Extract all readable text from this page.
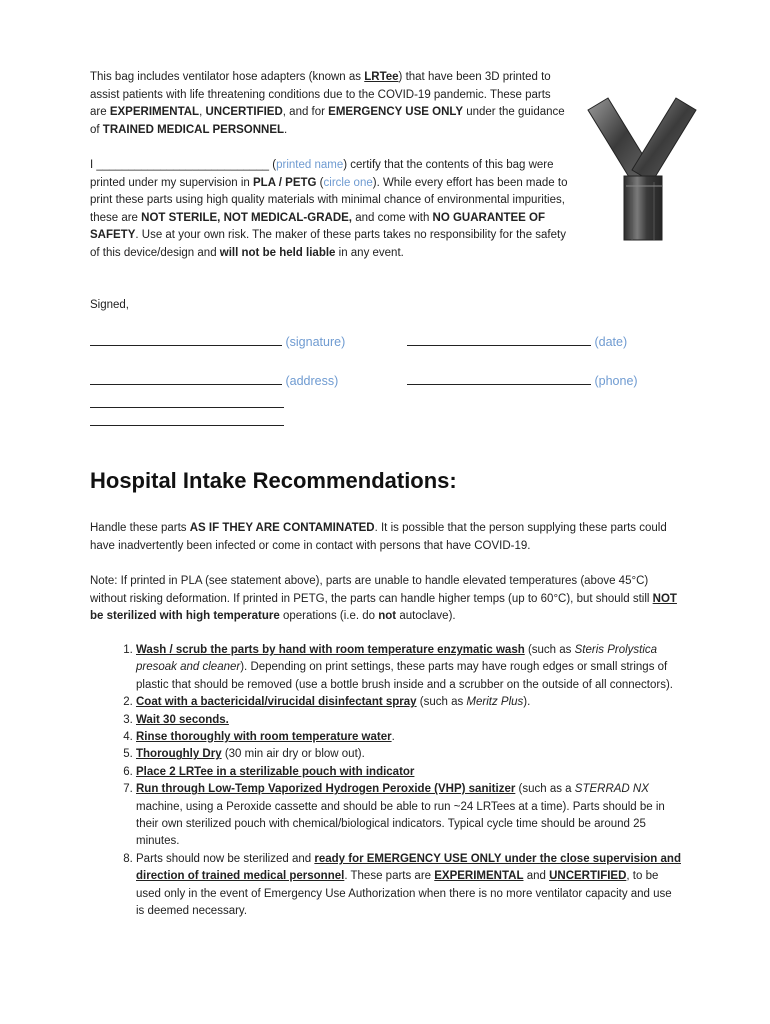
This bag includes ventilator hose adapters (known as LRTee) that have been 3D printed to assist patients with life threatening conditions due to the COVID-19 pandemic. These parts are EXPERIMENTAL, UNCERTIFIED, and for EMERGENCY USE ONLY under the guidance of TRAINED MEDICAL PERSONNEL.
I ___________________________ (printed name) certify that the contents of this bag were printed under my supervision in PLA / PETG (circle one). While every effort has been made to print these parts using high quality materials with minimal chance of environmental impurities, these are NOT STERILE, NOT MEDICAL-GRADE, and come with NO GUARANTEE OF SAFETY. Use at your own risk. The maker of these parts takes no responsibility for the safety of this device/design and will not be held liable in any event.
Signed,
(signature)	(date)
(address)	(phone)
Hospital Intake Recommendations:
Handle these parts AS IF THEY ARE CONTAMINATED. It is possible that the person supplying these parts could have inadvertently been infected or come in contact with persons that have COVID-19.
Note: If printed in PLA (see statement above), parts are unable to handle elevated temperatures (above 45°C) without risking deformation. If printed in PETG, the parts can handle higher temps (up to 60°C), but should still NOT be sterilized with high temperature operations (i.e. do not autoclave).
1. Wash / scrub the parts by hand with room temperature enzymatic wash (such as Steris Prolystica presoak and cleaner). Depending on print settings, these parts may have rough edges or small strings of plastic that should be removed (use a bottle brush inside and a scrubber on the outside of all connectors).
2. Coat with a bactericidal/virucidal disinfectant spray (such as Meritz Plus).
3. Wait 30 seconds.
4. Rinse thoroughly with room temperature water.
5. Thoroughly Dry (30 min air dry or blow out).
6. Place 2 LRTee in a sterilizable pouch with indicator
7. Run through Low-Temp Vaporized Hydrogen Peroxide (VHP) sanitizer (such as a STERRAD NX machine, using a Peroxide cassette and should be able to run ~24 LRTees at a time). Parts should be in their own sterilized pouch with chemical/biological indicators. Typical cycle time should be around 25 minutes.
8. Parts should now be sterilized and ready for EMERGENCY USE ONLY under the close supervision and direction of trained medical personnel. These parts are EXPERIMENTAL and UNCERTIFIED, to be used only in the event of Emergency Use Authorization when there is no more ventilator capacity and use is deemed necessary.
